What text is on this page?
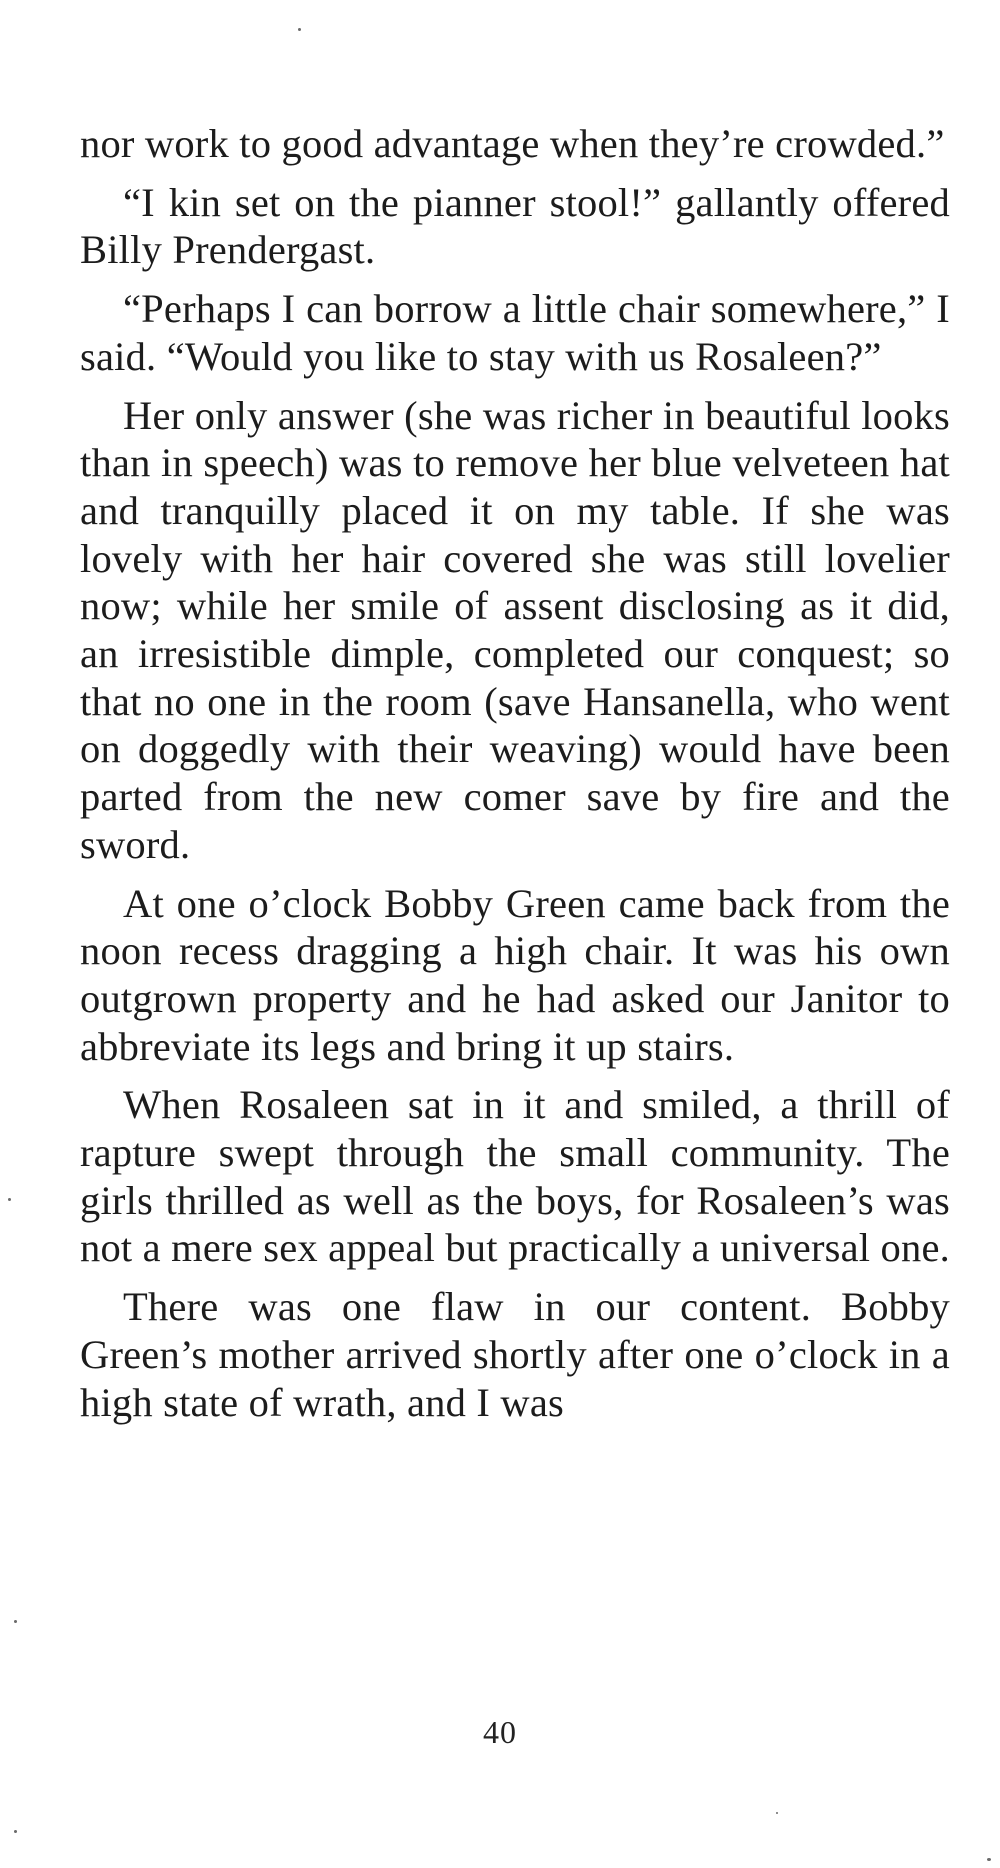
nor work to good advantage when they’re crowded.”

“I kin set on the pianner stool!” gallantly offered Billy Prendergast.

“Perhaps I can borrow a little chair somewhere,” I said. “Would you like to stay with us Rosaleen?”

Her only answer (she was richer in beautiful looks than in speech) was to remove her blue velveteen hat and tranquilly placed it on my table. If she was lovely with her hair covered she was still lovelier now; while her smile of assent disclosing as it did, an irresistible dimple, completed our conquest; so that no one in the room (save Hansanella, who went on doggedly with their weaving) would have been parted from the new comer save by fire and the sword.

At one o’clock Bobby Green came back from the noon recess dragging a high chair. It was his own outgrown property and he had asked our Janitor to abbreviate its legs and bring it up stairs.

When Rosaleen sat in it and smiled, a thrill of rapture swept through the small community. The girls thrilled as well as the boys, for Rosaleen’s was not a mere sex appeal but practically a universal one.

There was one flaw in our content. Bobby Green’s mother arrived shortly after one o’clock in a high state of wrath, and I was

40
